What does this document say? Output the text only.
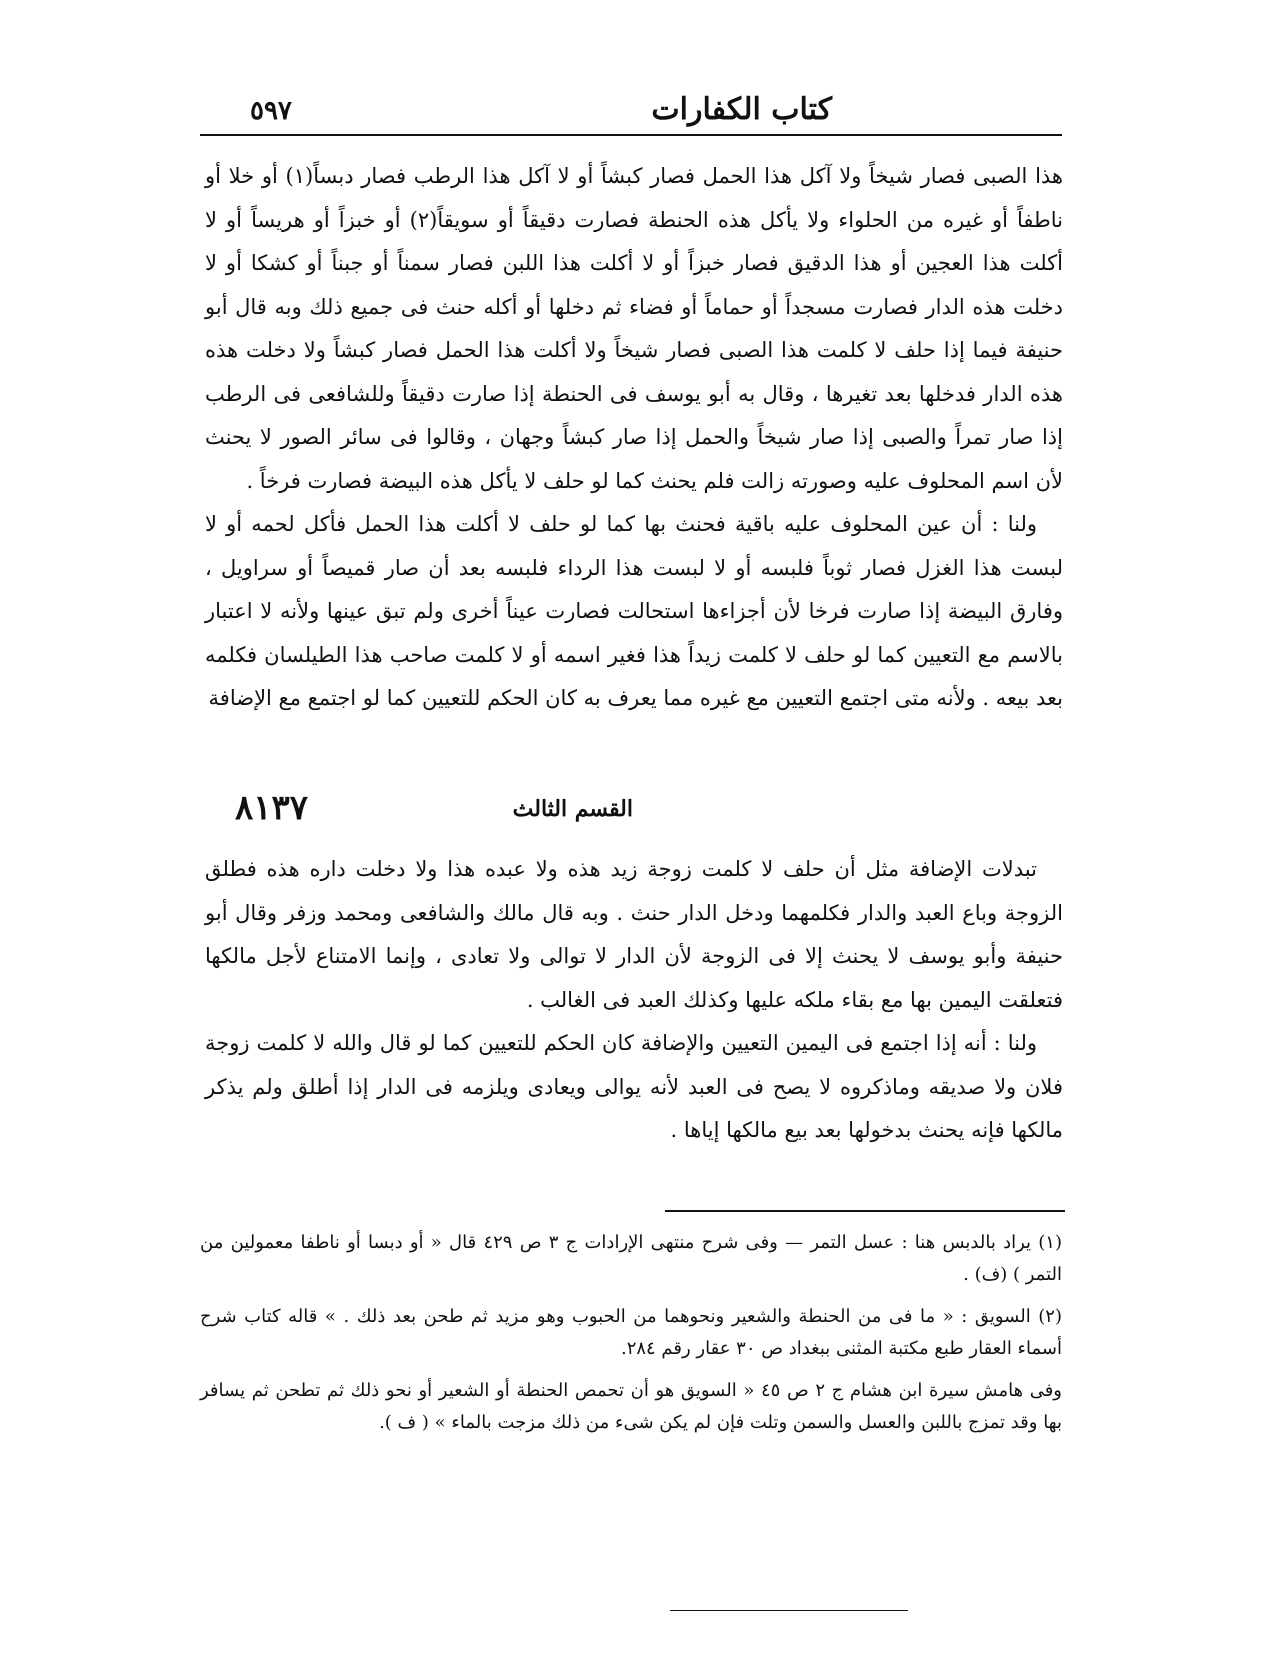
كتاب الكفارات
٥٩٧

هذا الصبى فصار شيخاً ولا آكل هذا الحمل فصار كبشاً أو لا آكل هذا الرطب فصار دبساً(١) أو خلا أو ناطفاً أو غيره من الحلواء ولا يأكل هذه الحنطة فصارت دقيقاً أو سويقاً(٢) أو خبزاً أو هريساً أو لا أكلت هذا العجين أو هذا الدقيق فصار خبزاً أو لا أكلت هذا اللبن فصار سمناً أو جبناً أو كشكا أو لا دخلت هذه الدار فصارت مسجداً أو حماماً أو فضاء ثم دخلها أو أكله حنث فى جميع ذلك وبه قال أبو حنيفة فيما إذا حلف لا كلمت هذا الصبى فصار شيخاً ولا أكلت هذا الحمل فصار كبشاً ولا دخلت هذه هذه الدار فدخلها بعد تغيرها ، وقال به أبو يوسف فى الحنطة إذا صارت دقيقاً وللشافعى فى الرطب إذا صار تمراً والصبى إذا صار شيخاً والحمل إذا صار كبشاً وجهان ، وقالوا فى سائر الصور لا يحنث لأن اسم المحلوف عليه وصورته زالت فلم يحنث كما لو حلف لا يأكل هذه البيضة فصارت فرخاً .

ولنا : أن عين المحلوف عليه باقية فحنث بها كما لو حلف لا أكلت هذا الحمل فأكل لحمه أو لا لبست هذا الغزل فصار ثوباً فلبسه أو لا لبست هذا الرداء فلبسه بعد أن صار قميصاً أو سراويل ، وفارق البيضة إذا صارت فرخا لأن أجزاءها استحالت فصارت عيناً أخرى ولم تبق عينها ولأنه لا اعتبار بالاسم مع التعيين كما لو حلف لا كلمت زيداً هذا فغير اسمه أو لا كلمت صاحب هذا الطيلسان فكلمه بعد بيعه . ولأنه متى اجتمع التعيين مع غيره مما يعرف به كان الحكم للتعيين كما لو اجتمع مع الإضافة

٨١٣٧	القسم الثالث

تبدلات الإضافة مثل أن حلف لا كلمت زوجة زيد هذه ولا عبده هذا ولا دخلت داره هذه فطلق الزوجة وباع العبد والدار فكلمهما ودخل الدار حنث . وبه قال مالك والشافعى ومحمد وزفر وقال أبو حنيفة وأبو يوسف لا يحنث إلا فى الزوجة لأن الدار لا توالى ولا تعادى ، وإنما الامتناع لأجل مالكها فتعلقت اليمين بها مع بقاء ملكه عليها وكذلك العبد فى الغالب .

ولنا : أنه إذا اجتمع فى اليمين التعيين والإضافة كان الحكم للتعيين كما لو قال والله لا كلمت زوجة فلان ولا صديقه وماذكروه لا يصح فى العبد لأنه يوالى ويعادى ويلزمه فى الدار إذا أطلق ولم يذكر مالكها فإنه يحنث بدخولها بعد بيع مالكها إياها .

(١) يراد بالدبس هنا : عسل التمر — وفى شرح منتهى الإرادات ج ٣ ص ٤٢٩ قال « أو دبسا أو ناطفا معمولين من التمر ) (ف) .

(٢) السويق : « ما فى من الحنطة والشعير ونحوهما من الحبوب وهو مزيد ثم طحن بعد ذلك . » قاله كتاب شرح أسماء العقار طبع مكتبة المثنى ببغداد ص ٣٠ عقار رقم ٢٨٤.

وفى هامش سيرة ابن هشام ج ٢ ص ٤٥ « السويق هو أن تحمص الحنطة أو الشعير أو نحو ذلك ثم تطحن ثم يسافر بها وقد تمزج باللبن والعسل والسمن وتلت فإن لم يكن شىء من ذلك مزجت بالماء » ( ف ).
